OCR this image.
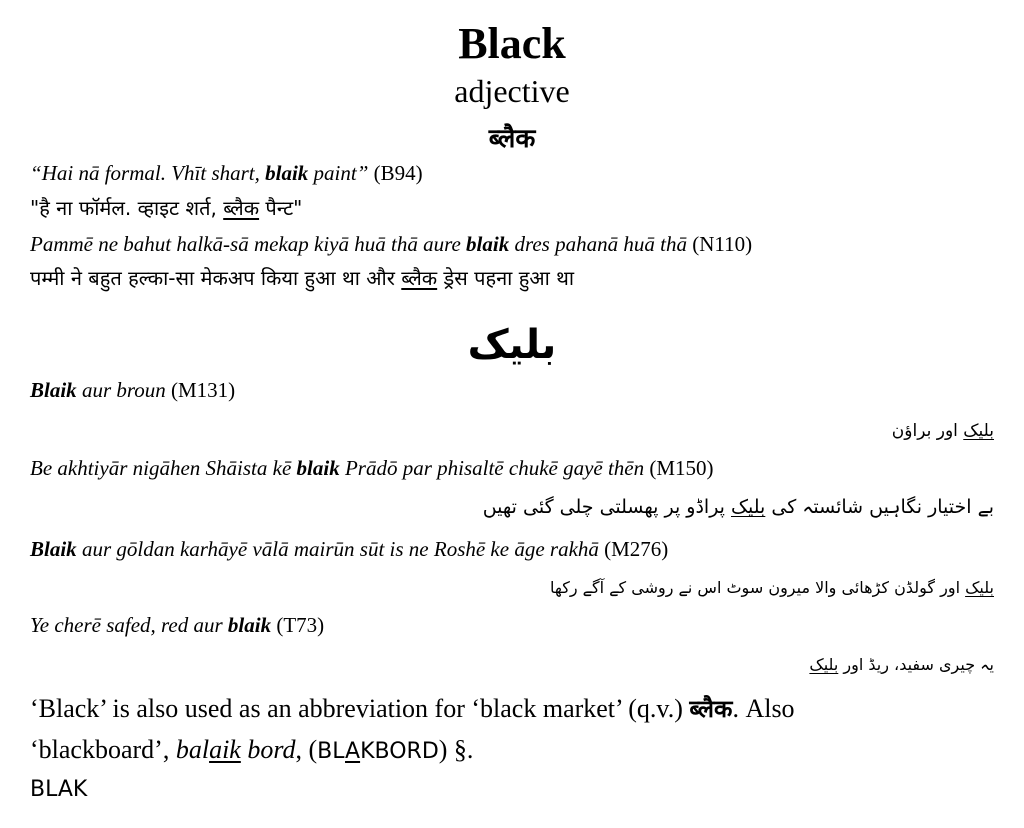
Black
adjective
ब्लैक
“Hai nā formal. Vhīt shart, blaik paint” (B94)
"है ना फॉर्मल. व्हाइट शर्त, ब्लैक पैन्ट"
Pammē ne bahut halkā-sā mekap kiyā huā thā aure blaik dres pahanā huā thā (N110)
पम्मी ने बहुत हल्का-सा मेकअप किया हुआ था और ब्लैक ड्रेस पहना हुआ था
بلیک
Blaik aur broun (M131)
بلیک اور براؤن
Be akhtiyār nigāhen Shāista kē blaik Prādō par phisaltē chukē gayē thēn (M150)
بے اختیار نگاہیں شائستہ کی بلیک پراڈو پر پھسلتی چلی گئی تھیں
Blaik aur gōldan karhāyē vālā mairūn sūt is ne Roshē ke āge rakhā (M276)
بلیک اور گولڈن کڑھائی والا میرون سوٹ اس نے روشی کے آگے رکھا
Ye cherē safed, red aur blaik (T73)
یہ چیری سفید، ریڈ اور بلیک
‘Black’ is also used as an abbreviation for ‘black market’ (q.v.) ब्लैक. Also
‘blackboard’, balaik bord, (BLAKBORD) §.
BLAK
